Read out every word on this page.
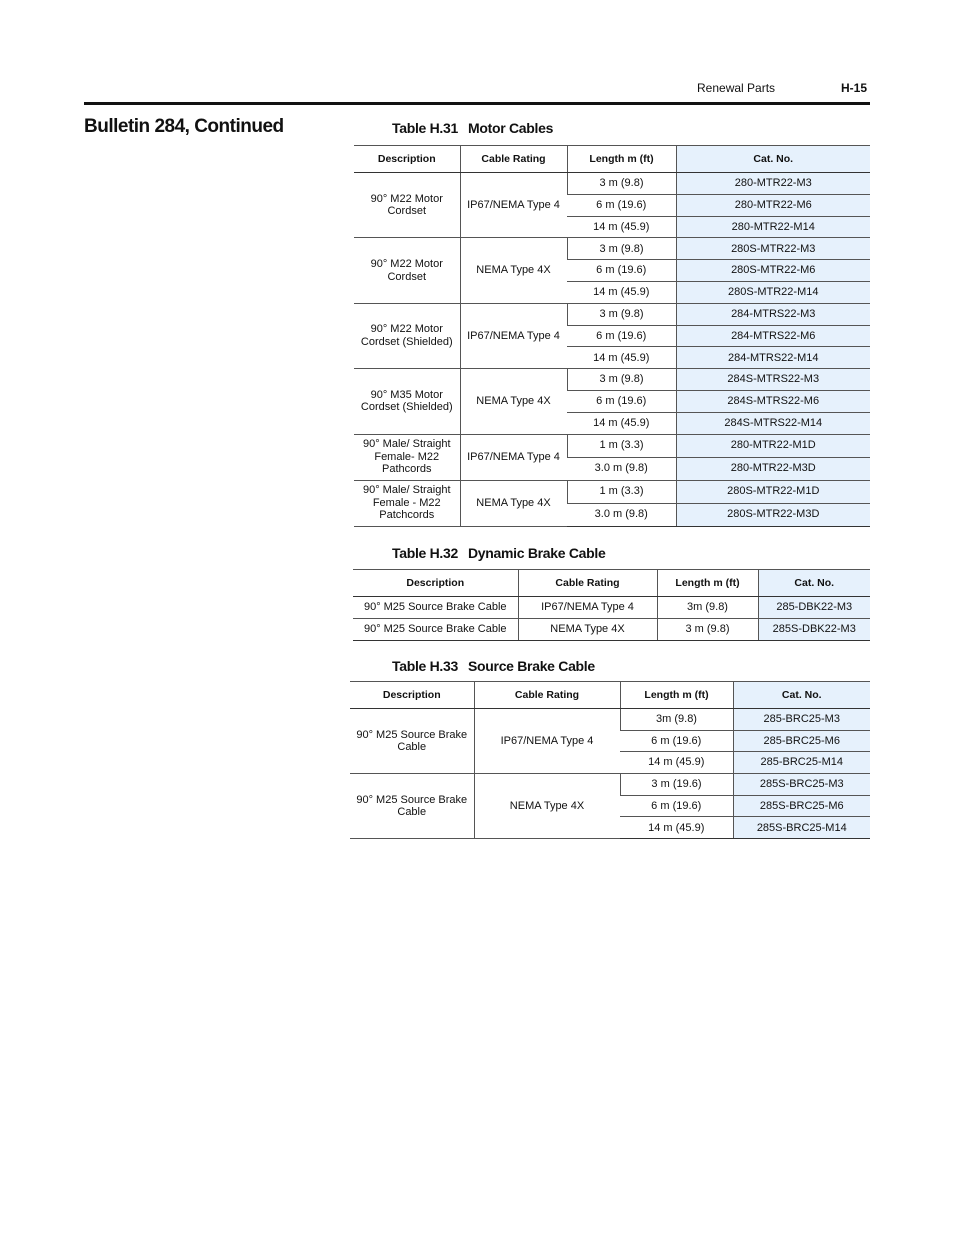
Renewal Parts	H-15
Bulletin 284, Continued	Table H.31 Motor Cables
Description	Cable Rating	Length m (ft)	Cat. No.
90° M22 Motor Cordset	IP67/NEMA Type 4	3 m (9.8)	280-MTR22-M3
		6 m (19.6)	280-MTR22-M6
		14 m (45.9)	280-MTR22-M14
90° M22 Motor Cordset	NEMA Type 4X	3 m (9.8)	280S-MTR22-M3
		6 m (19.6)	280S-MTR22-M6
		14 m (45.9)	280S-MTR22-M14
90° M22 Motor Cordset (Shielded)	IP67/NEMA Type 4	3 m (9.8)	284-MTRS22-M3
		6 m (19.6)	284-MTRS22-M6
		14 m (45.9)	284-MTRS22-M14
90° M35 Motor Cordset (Shielded)	NEMA Type 4X	3 m (9.8)	284S-MTRS22-M3
		6 m (19.6)	284S-MTRS22-M6
		14 m (45.9)	284S-MTRS22-M14
90° Male/ Straight Female- M22 Pathcords	IP67/NEMA Type 4	1 m (3.3)	280-MTR22-M1D
		3.0 m (9.8)	280-MTR22-M3D
90° Male/ Straight Female - M22 Patchcords	NEMA Type 4X	1 m (3.3)	280S-MTR22-M1D
		3.0 m (9.8)	280S-MTR22-M3D
Table H.32 Dynamic Brake Cable
Description	Cable Rating	Length m (ft)	Cat. No.
90° M25 Source Brake Cable	IP67/NEMA Type 4	3m (9.8)	285-DBK22-M3
90° M25 Source Brake Cable	NEMA Type 4X	3 m (9.8)	285S-DBK22-M3
Table H.33 Source Brake Cable
Description	Cable Rating	Length m (ft)	Cat. No.
90° M25 Source Brake Cable	IP67/NEMA Type 4	3m (9.8)	285-BRC25-M3
		6 m (19.6)	285-BRC25-M6
		14 m (45.9)	285-BRC25-M14
90° M25 Source Brake Cable	NEMA Type 4X	3 m (19.6)	285S-BRC25-M3
		6 m (19.6)	285S-BRC25-M6
		14 m (45.9)	285S-BRC25-M14
